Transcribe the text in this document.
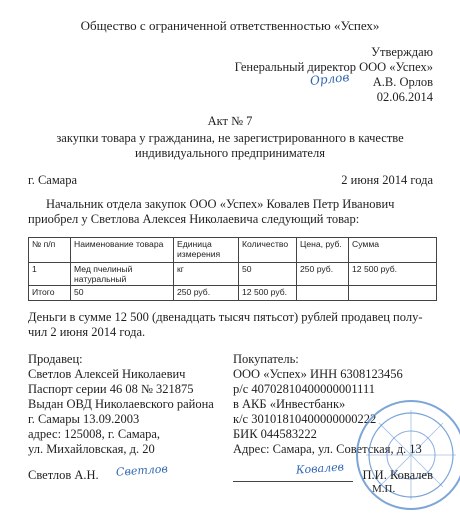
Общество с ограниченной ответственностью «Успех»
Утверждаю
Генеральный директор ООО «Успех»
А.В. Орлов
02.06.2014
Орлов
Акт № 7
закупки товара у гражданина, не зарегистрированного в качестве
индивидуального предпринимателя
г. Самара	2 июня 2014 года
Начальник отдела закупок ООО «Успех» Ковалев Петр Иванович
приобрел у Светлова Алексея Николаевича следующий товар:
№ п/п	Наименование товара	Единица измерения	Количество	Цена, руб.	Сумма
1	Мед пчелиный натуральный	кг	50	250 руб.	12 500 руб.
Итого	50	250 руб.	12 500 руб.		
Деньги в сумме 12 500 (двенадцать тысяч пятьсот) рублей продавец полу-
чил 2 июня 2014 года.
Продавец:
Светлов Алексей Николаевич
Паспорт серии 46 08 № 321875
Выдан ОВД Николаевского района
г. Самары 13.09.2003
адрес: 125008, г. Самара,
ул. Михайловская, д. 20
Светлов А.Н. Светлов
Покупатель:
ООО «Успех» ИНН 6308123456
р/с 40702810400000001111
в АКБ «Инвестбанк»
к/с 30101810400000000222
БИК 044583222
Адрес: Самара, ул. Советская, д. 13
Ковалев П.И. Ковалев
М.П.
